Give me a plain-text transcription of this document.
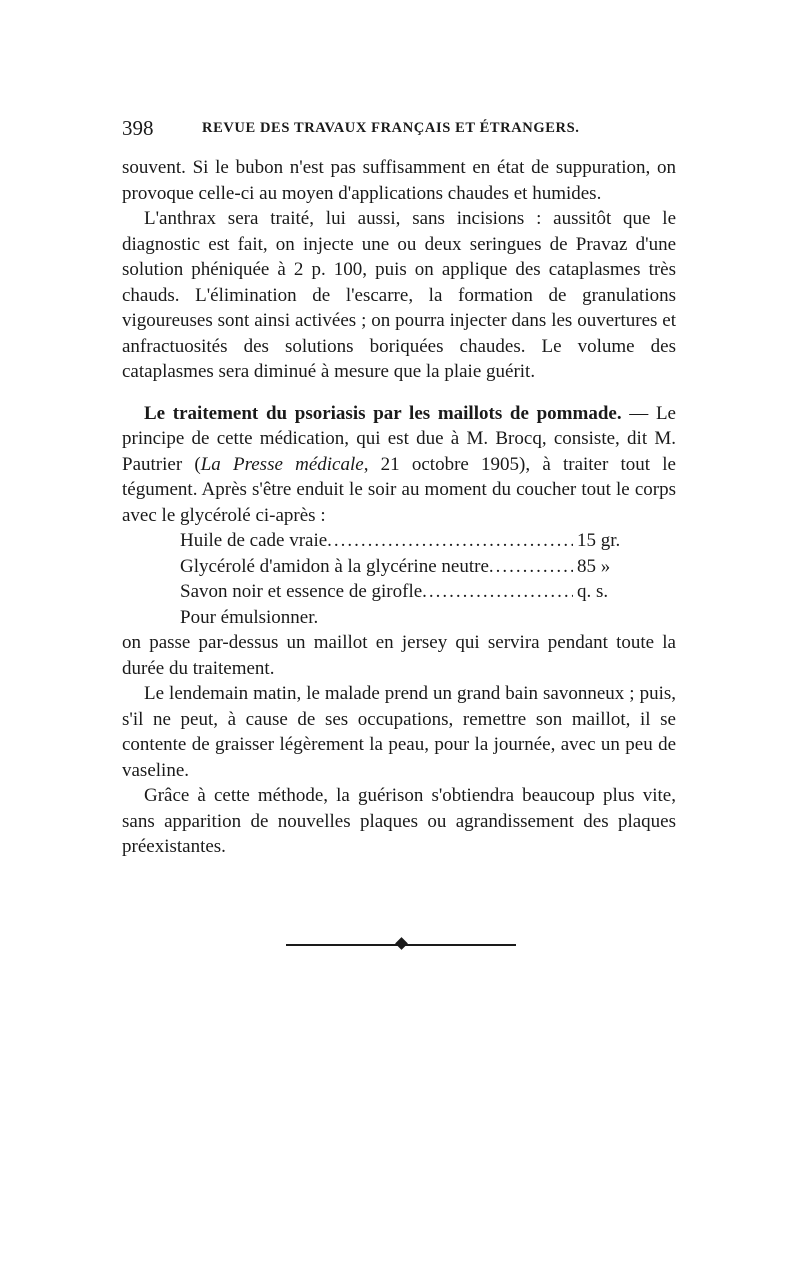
398	REVUE DES TRAVAUX FRANÇAIS ET ÉTRANGERS.

souvent. Si le bubon n'est pas suffisamment en état de suppuration, on provoque celle-ci au moyen d'applications chaudes et humides.

L'anthrax sera traité, lui aussi, sans incisions : aussitôt que le diagnostic est fait, on injecte une ou deux seringues de Pravaz d'une solution phéniquée à 2 p. 100, puis on applique des cataplasmes très chauds. L'élimination de l'escarre, la formation de granulations vigoureuses sont ainsi activées ; on pourra injecter dans les ouvertures et anfractuosités des solutions boriquées chaudes. Le volume des cataplasmes sera diminué à mesure que la plaie guérit.

Le traitement du psoriasis par les maillots de pommade. — Le principe de cette médication, qui est due à M. Brocq, consiste, dit M. Pautrier (La Presse médicale, 21 octobre 1905), à traiter tout le tégument. Après s'être enduit le soir au moment du coucher tout le corps avec le glycérolé ci-après :

Huile de cade vraie .....	15 gr.
Glycérolé d'amidon à la glycérine neutre .....	85 »
Savon noir et essence de girofle .....	q. s.

Pour émulsionner.

on passe par-dessus un maillot en jersey qui servira pendant toute la durée du traitement.

Le lendemain matin, le malade prend un grand bain savonneux ; puis, s'il ne peut, à cause de ses occupations, remettre son maillot, il se contente de graisser légèrement la peau, pour la journée, avec un peu de vaseline.

Grâce à cette méthode, la guérison s'obtiendra beaucoup plus vite, sans apparition de nouvelles plaques ou agrandissement des plaques préexistantes.
